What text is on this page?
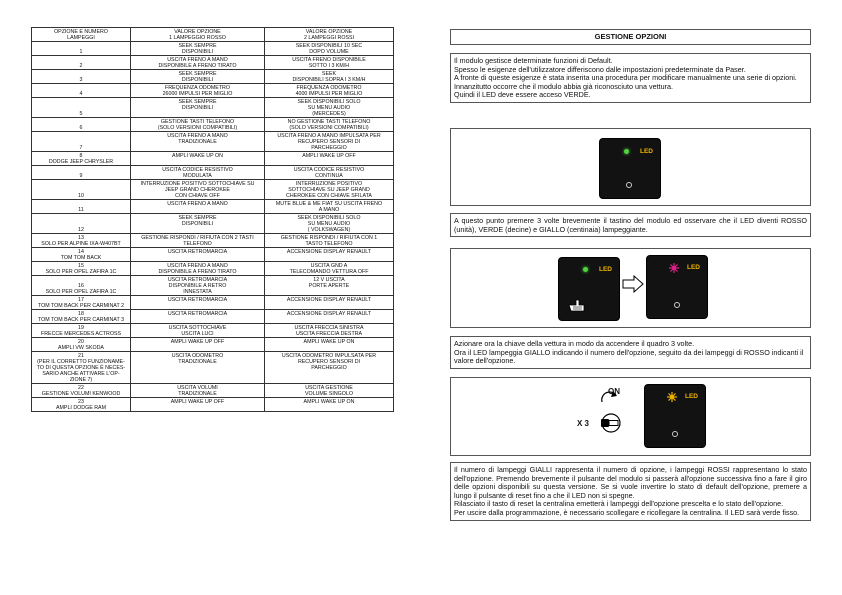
OPZIONE E NUMERO
LAMPEGGI	VALORE OPZIONE
1 LAMPEGGIO ROSSO	VALORE OPZIONE
2 LAMPEGGI ROSSI
1	SEEK SEMPRE
DISPONIBILI	SEEK DISPONIBILI 10 SEC
DOPO VOLUME
2	USCITA FRENO A MANO
DISPONIBILE A FRENO TIRATO	USCITA FRENO DISPONIBILE
SOTTO I 3 KM/H
3	SEEK SEMPRE
DISPONIBILI	SEEK
DISPONIBILI SOPRA I 3 KM/H
4	FREQUENZA ODOMETRO
26000 IMPULSI PER MIGLIO	FREQUENZA ODOMETRO
4000 IMPULSI PER MIGLIO
5	SEEK SEMPRE
DISPONIBILI	SEEK DISPONIBILI SOLO
SU MENU AUDIO
(MERCEDES)
6	GESTIONE TASTI TELEFONO
(SOLO VERSIONI COMPATIBILI)	NO GESTIONE TASTI TELEFONO
(SOLO VERSIONI COMPATIBILI)
7	USCITA FRENO A MANO
TRADIZIONALE	USCITA FRENO A MANO IMPULSATA PER
RECUPERO SENSORI DI
PARCHEGGIO
8
DODGE JEEP CHRYSLER	AMPLI WAKE UP ON	AMPLI WAKE UP OFF
9	USCITA CODICE RESISTIVO
MODULATA	USCITA CODICE RESISTIVO
CONTINUA
10	INTERRUZIONE POSITIVO SOTTOCHIAVE SU
JEEP GRAND CHEROKEE
CON CHIAVE OFF	INTERRUZIONE POSITIVO
SOTTOCHIAVE SU JEEP GRAND
CHEROKEE CON CHIAVE SFILATA
11	USCITA FRENO A MANO	MUTE BLUE & ME FIAT SU USCITA FRENO
A MANO
12	SEEK SEMPRE
DISPONIBILI	SEEK DISPONIBILI SOLO
SU MENU AUDIO
( VOLKSWAGEN)
13
SOLO PER ALPINE IXA-W407BT	GESTIONE RISPONDI / RIFIUTA CON 2 TASTI
TELEFONO	GESTIONE RISPONDI / RIFIUTA CON 1
TASTO TELEFONO
14
TOM TOM BACK	USCITA RETROMARCIA	ACCENSIONE DISPLAY RENAULT
15
SOLO PER OPEL ZAFIRA 1C	USCITA FRENO A MANO
DISPONIBILE A FRENO TIRATO	USCITA GND A
TELECOMANDO VETTURA OFF
16
SOLO PER OPEL ZAFIRA 1C	USCITA RETROMARCIA
DISPONIBILE A RETRO
INNESTATA	12 V USCITA
PORTE APERTE
17
TOM TOM BACK PER CARMINAT 2	USCITA RETROMARCIA	ACCENSIONE DISPLAY RENAULT
18
TOM TOM BACK PER CARMINAT 3	USCITA RETROMARCIA	ACCENSIONE DISPLAY RENAULT
19
FRECCE MERCEDES ACTROSS	USCITA SOTTOCHIAVE
USCITA LUCI	USCITA FRECCIA SINISTRA
USCITA FRECCIA DESTRA
20
AMPLI VW SKODA	AMPLI WAKE UP OFF	AMPLI WAKE UP ON
21
(PER IL CORRETTO FUNZIONAME-
TO DI QUESTA OPZIONE È NECES-
SARIO ANCHE ATTIVARE L'OP-
ZIONE 7)	USCITA ODOMETRO
TRADIZIONALE	USCITA ODOMETRO IMPULSATA PER
RECUPERO SENSORI DI
PARCHEGGIO
22
GESTIONE VOLUMI KENWOOD	USCITA VOLUMI
TRADIZIONALE	USCITA GESTIONE
VOLUME SINGOLO
23
AMPLI DODGE RAM	AMPLI WAKE UP OFF	AMPLI WAKE UP ON
GESTIONE OPZIONI

Il modulo gestisce determinate funzioni di Default.

Spesso le esigenze dell'utilizzatore differiscono dalle impostazioni predeterminate da Paser.

A fronte di queste esigenze è stata inserita una procedura per modificare manualmente una serie di opzioni.

Innanzitutto occorre che il modulo abbia già riconosciuto una vettura.

Quindi il LED deve essere acceso VERDE.

LED

A questo punto premere 3 volte brevemente il tastino del modulo ed osservare che il LED diventi ROSSO (unità), VERDE (decine) e GIALLO (centinaia) lampeggiante.

LED	LED

Azionare ora la chiave della vettura in modo da accendere il quadro 3 volte.

Ora il LED lampeggia GIALLO indicando il numero dell'opzione, seguito da dei lampeggi di ROSSO indicanti il valore dell'opzione.

X 3
ON
LED

Il numero di lampeggi GIALLI rappresenta il numero di opzione, i lampeggi ROSSI rappresentano lo stato dell'opzione. Premendo brevemente il pulsante del modulo si passerà all'opzione successiva fino a fare il giro delle opzioni disponibili su questa versione. Se si vuole invertire lo stato di default dell'opzione, premere a lungo il pulsante di reset fino a che il LED non si spegne.

Rilasciato il tasto di reset la centralina emetterà i lampeggi dell'opzione prescelta e lo stato dell'opzione.

Per uscire dalla programmazione, è necessario scollegare e ricollegare la centralina. Il LED sarà verde fisso.
